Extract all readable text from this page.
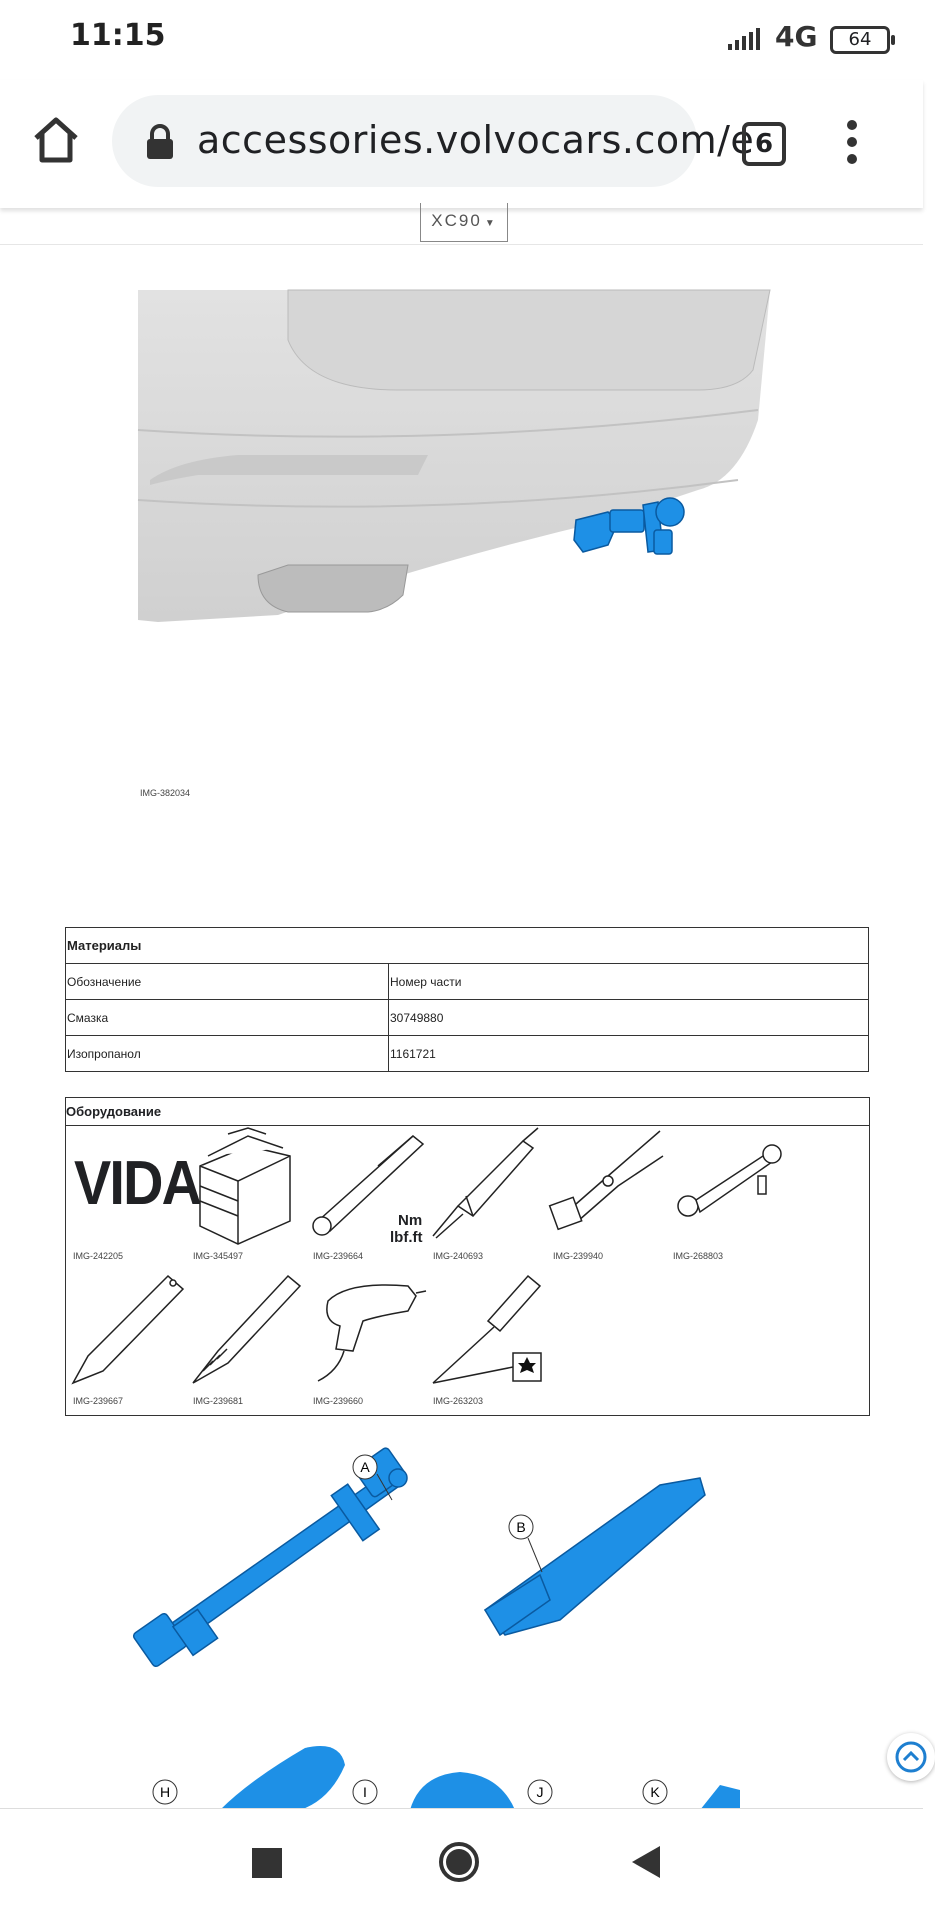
11:15	4G	64
accessories.volvocars.com/e 6
XC90 ▼
IMG-382034
Материалы	
Обозначение	Номер части
Смазка	30749880
Изопропанол	1161721
Оборудование
VIDA
IMG-242205	IMG-345497
Nm
lbf.ft
IMG-239664	IMG-240693	IMG-239940	IMG-268803
IMG-239667	IMG-239681	IMG-239660	IMG-263203
A
B
H	I	J	K
